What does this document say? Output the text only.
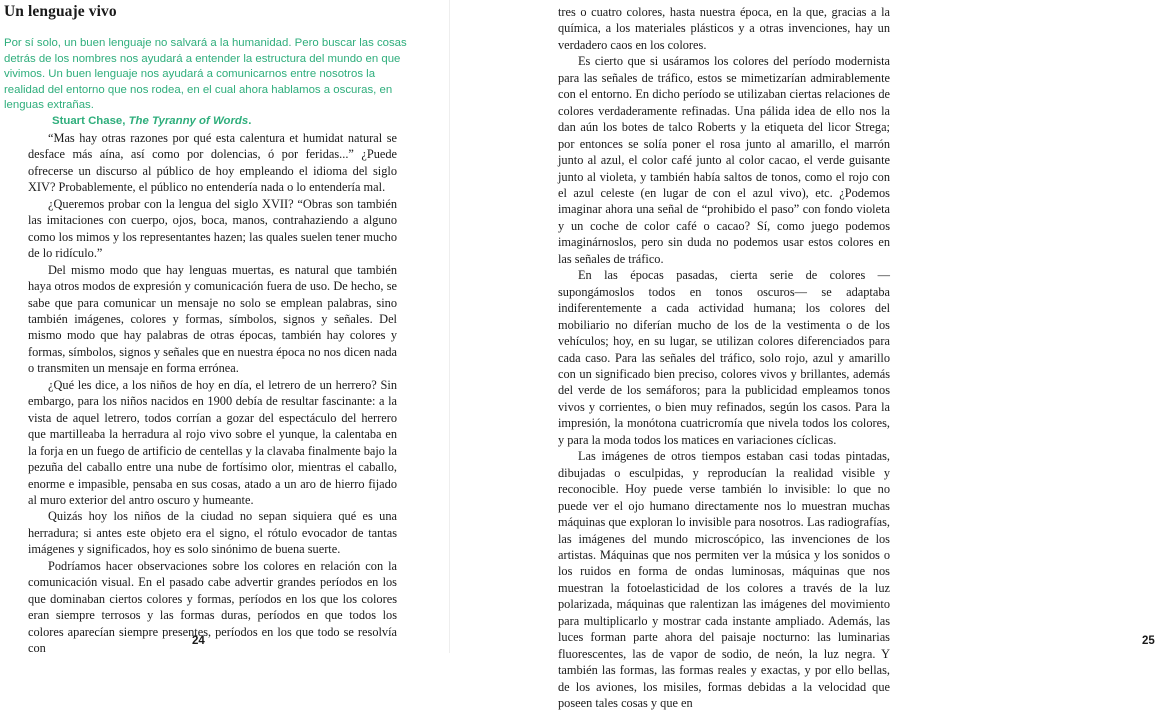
Un lenguaje vivo

Por sí solo, un buen lenguaje no salvará a la humanidad. Pero buscar las cosas detrás de los nombres nos ayudará a entender la estructura del mundo en que vivimos. Un buen lenguaje nos ayudará a comunicarnos entre nosotros la realidad del entorno que nos rodea, en el cual ahora hablamos a oscuras, en lenguas extrañas.

Stuart Chase, The Tyranny of Words.

“Mas hay otras razones por qué esta calentura et humidat natural se desface más aína, así como por dolencias, ó por feridas...” ¿Puede ofrecerse un discurso al público de hoy empleando el idioma del siglo XIV? Probablemente, el público no entendería nada o lo entendería mal.

¿Queremos probar con la lengua del siglo XVII? “Obras son también las imitaciones con cuerpo, ojos, boca, manos, contrahaziendo a alguno como los mimos y los representantes hazen; las quales suelen tener mucho de lo ridículo.”

Del mismo modo que hay lenguas muertas, es natural que también haya otros modos de expresión y comunicación fuera de uso. De hecho, se sabe que para comunicar un mensaje no solo se emplean palabras, sino también imágenes, colores y formas, símbolos, signos y señales. Del mismo modo que hay palabras de otras épocas, también hay colores y formas, símbolos, signos y señales que en nuestra época no nos dicen nada o transmiten un mensaje en forma errónea.

¿Qué les dice, a los niños de hoy en día, el letrero de un herrero? Sin embargo, para los niños nacidos en 1900 debía de resultar fascinante: a la vista de aquel letrero, todos corrían a gozar del espectáculo del herrero que martilleaba la herradura al rojo vivo sobre el yunque, la calentaba en la forja en un fuego de artificio de centellas y la clavaba finalmente bajo la pezuña del caballo entre una nube de fortísimo olor, mientras el caballo, enorme e impasible, pensaba en sus cosas, atado a un aro de hierro fijado al muro exterior del antro oscuro y humeante.

Quizás hoy los niños de la ciudad no sepan siquiera qué es una herradura; si antes este objeto era el signo, el rótulo evocador de tantas imágenes y significados, hoy es solo sinónimo de buena suerte.

Podríamos hacer observaciones sobre los colores en relación con la comunicación visual. En el pasado cabe advertir grandes períodos en los que dominaban ciertos colores y formas, períodos en los que los colores eran siempre terrosos y las formas duras, períodos en que todos los colores aparecían siempre presentes, períodos en los que todo se resolvía con

24

tres o cuatro colores, hasta nuestra época, en la que, gracias a la química, a los materiales plásticos y a otras invenciones, hay un verdadero caos en los colores.

Es cierto que si usáramos los colores del período modernista para las señales de tráfico, estos se mimetizarían admirablemente con el entorno. En dicho período se utilizaban ciertas relaciones de colores verdaderamente refinadas. Una pálida idea de ello nos la dan aún los botes de talco Roberts y la etiqueta del licor Strega; por entonces se solía poner el rosa junto al amarillo, el marrón junto al azul, el color café junto al color cacao, el verde guisante junto al violeta, y también había saltos de tonos, como el rojo con el azul celeste (en lugar de con el azul vivo), etc. ¿Podemos imaginar ahora una señal de “prohibido el paso” con fondo violeta y un coche de color café o cacao? Sí, como juego podemos imaginárnoslos, pero sin duda no podemos usar estos colores en las señales de tráfico.

En las épocas pasadas, cierta serie de colores —supongámoslos todos en tonos oscuros— se adaptaba indiferentemente a cada actividad humana; los colores del mobiliario no diferían mucho de los de la vestimenta o de los vehículos; hoy, en su lugar, se utilizan colores diferenciados para cada caso. Para las señales del tráfico, solo rojo, azul y amarillo con un significado bien preciso, colores vivos y brillantes, además del verde de los semáforos; para la publicidad empleamos tonos vivos y corrientes, o bien muy refinados, según los casos. Para la impresión, la monótona cuatricromía que nivela todos los colores, y para la moda todos los matices en variaciones cíclicas.

Las imágenes de otros tiempos estaban casi todas pintadas, dibujadas o esculpidas, y reproducían la realidad visible y reconocible. Hoy puede verse también lo invisible: lo que no puede ver el ojo humano directamente nos lo muestran muchas máquinas que exploran lo invisible para nosotros. Las radiografías, las imágenes del mundo microscópico, las invenciones de los artistas. Máquinas que nos permiten ver la música y los sonidos o los ruidos en forma de ondas luminosas, máquinas que nos muestran la fotoelasticidad de los colores a través de la luz polarizada, máquinas que ralentizan las imágenes del movimiento para multiplicarlo y mostrar cada instante ampliado. Además, las luces forman parte ahora del paisaje nocturno: las luminarias fluorescentes, las de vapor de sodio, de neón, la luz negra. Y también las formas, las formas reales y exactas, y por ello bellas, de los aviones, los misiles, formas debidas a la velocidad que poseen tales cosas y que en

25
